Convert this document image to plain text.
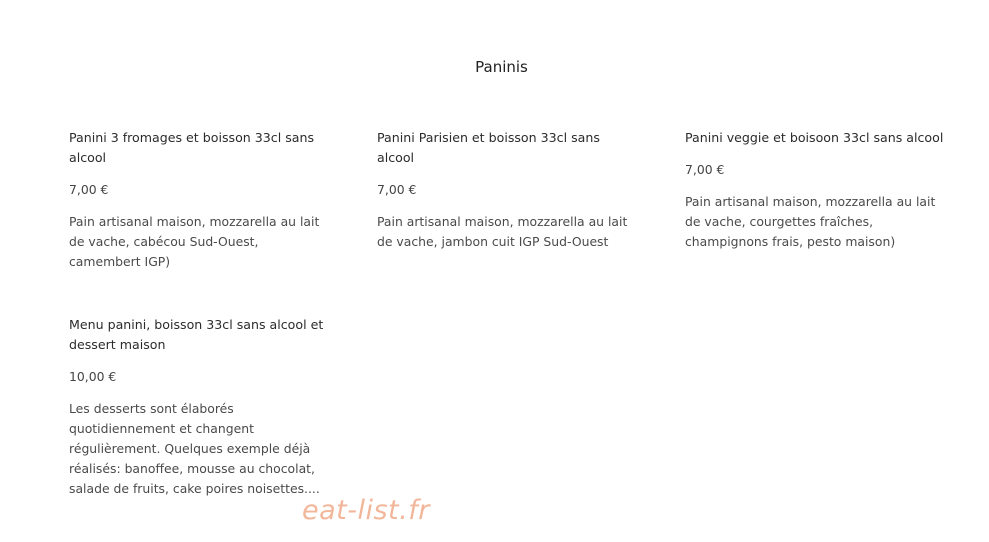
Paninis

Panini 3 fromages et boisson 33cl sans alcool

7,00 €

Pain artisanal maison, mozzarella au lait de vache, cabécou Sud-Ouest, camembert IGP)

Panini Parisien et boisson 33cl sans alcool

7,00 €

Pain artisanal maison, mozzarella au lait de vache, jambon cuit IGP Sud-Ouest

Panini veggie et boisoon 33cl sans alcool

7,00 €

Pain artisanal maison, mozzarella au lait de vache, courgettes fraîches, champignons frais, pesto maison)

Menu panini, boisson 33cl sans alcool et dessert maison

10,00 €

Les desserts sont élaborés quotidiennement et changent régulièrement. Quelques exemple déjà réalisés: banoffee, mousse au chocolat, salade de fruits, cake poires noisettes....

eat-list.fr
